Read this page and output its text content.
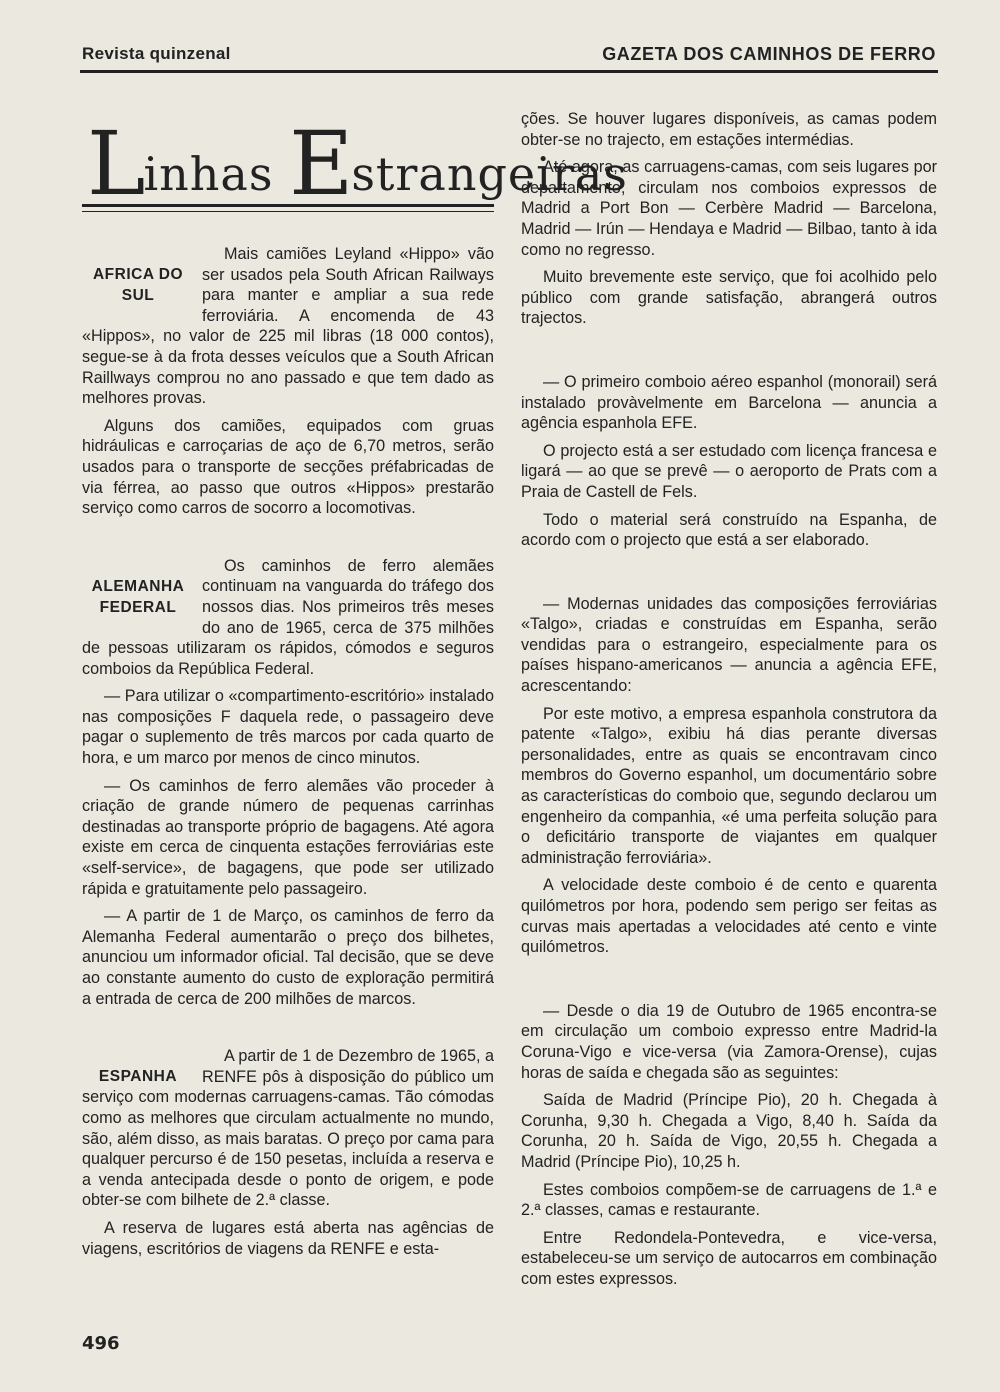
Revista quinzenal	GAZETA DOS CAMINHOS DE FERRO
Linhas Estrangeiras
AFRICA DO SUL

Mais camiões Leyland «Hippo» vão ser usados pela South African Railways para manter e ampliar a sua rede ferroviária. A encomenda de 43 «Hippos», no valor de 225 mil libras (18 000 contos), segue-se à da frota desses veículos que a South African Raillways comprou no ano passado e que tem dado as melhores provas.

Alguns dos camiões, equipados com gruas hidráulicas e carroçarias de aço de 6,70 metros, serão usados para o transporte de secções préfabricadas de via férrea, ao passo que outros «Hippos» prestarão serviço como carros de socorro a locomotivas.

ALEMANHA FEDERAL

Os caminhos de ferro alemães continuam na vanguarda do tráfego dos nossos dias. Nos primeiros três meses do ano de 1965, cerca de 375 milhões de pessoas utilizaram os rápidos, cómodos e seguros comboios da República Federal.

— Para utilizar o «compartimento-escritório» instalado nas composições F daquela rede, o passageiro deve pagar o suplemento de três marcos por cada quarto de hora, e um marco por menos de cinco minutos.

— Os caminhos de ferro alemães vão proceder à criação de grande número de pequenas carrinhas destinadas ao transporte próprio de bagagens. Até agora existe em cerca de cinquenta estações ferroviárias este «self-service», de bagagens, que pode ser utilizado rápida e gratuitamente pelo passageiro.

— A partir de 1 de Março, os caminhos de ferro da Alemanha Federal aumentarão o preço dos bilhetes, anunciou um informador oficial. Tal decisão, que se deve ao constante aumento do custo de exploração permitirá a entrada de cerca de 200 milhões de marcos.

ESPANHA

A partir de 1 de Dezembro de 1965, a RENFE pôs à disposição do público um serviço com modernas carruagens-camas. Tão cómodas como as melhores que circulam actualmente no mundo, são, além disso, as mais baratas. O preço por cama para qualquer percurso é de 150 pesetas, incluída a reserva e a venda antecipada desde o ponto de origem, e pode obter-se com bilhete de 2.ª classe.

A reserva de lugares está aberta nas agências de viagens, escritórios de viagens da RENFE e esta-

ções. Se houver lugares disponíveis, as camas podem obter-se no trajecto, em estações intermédias.

Até agora, as carruagens-camas, com seis lugares por departamento, circulam nos comboios expressos de Madrid a Port Bon — Cerbère Madrid — Barcelona, Madrid — Irún — Hendaya e Madrid — Bilbao, tanto à ida como no regresso.

Muito brevemente este serviço, que foi acolhido pelo público com grande satisfação, abrangerá outros trajectos.

— O primeiro comboio aéreo espanhol (monorail) será instalado provàvelmente em Barcelona — anuncia a agência espanhola EFE.

O projecto está a ser estudado com licença francesa e ligará — ao que se prevê — o aeroporto de Prats com a Praia de Castell de Fels.

Todo o material será construído na Espanha, de acordo com o projecto que está a ser elaborado.

— Modernas unidades das composições ferroviárias «Talgo», criadas e construídas em Espanha, serão vendidas para o estrangeiro, especialmente para os países hispano-americanos — anuncia a agência EFE, acrescentando:

Por este motivo, a empresa espanhola construtora da patente «Talgo», exibiu há dias perante diversas personalidades, entre as quais se encontravam cinco membros do Governo espanhol, um documentário sobre as características do comboio que, segundo declarou um engenheiro da companhia, «é uma perfeita solução para o deficitário transporte de viajantes em qualquer administração ferroviária».

A velocidade deste comboio é de cento e quarenta quilómetros por hora, podendo sem perigo ser feitas as curvas mais apertadas a velocidades até cento e vinte quilómetros.

— Desde o dia 19 de Outubro de 1965 encontra-se em circulação um comboio expresso entre Madrid-la Coruna-Vigo e vice-versa (via Zamora-Orense), cujas horas de saída e chegada são as seguintes:

Saída de Madrid (Príncipe Pio), 20 h. Chegada à Corunha, 9,30 h. Chegada a Vigo, 8,40 h. Saída da Corunha, 20 h. Saída de Vigo, 20,55 h. Chegada a Madrid (Príncipe Pio), 10,25 h.

Estes comboios compõem-se de carruagens de 1.ª e 2.ª classes, camas e restaurante.

Entre Redondela-Pontevedra, e vice-versa, estabeleceu-se um serviço de autocarros em combinação com estes expressos.

496
